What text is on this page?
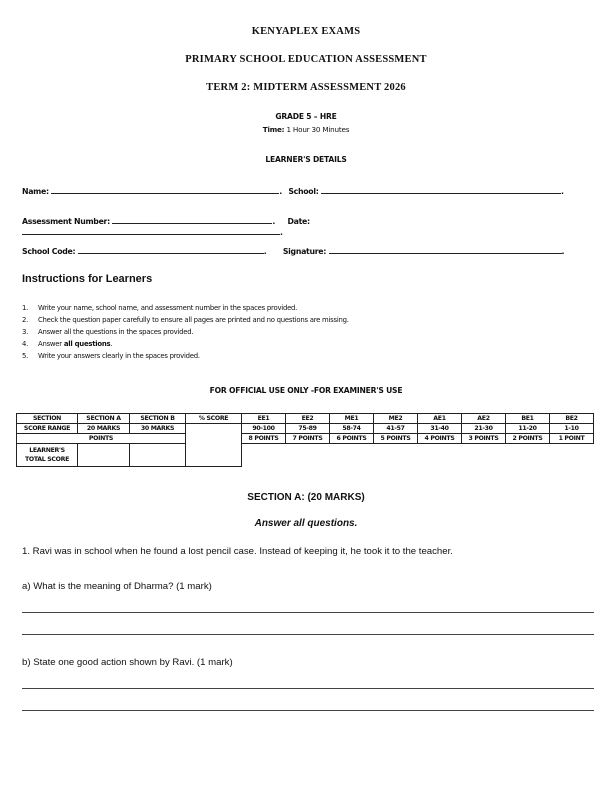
KENYAPLEX EXAMS
PRIMARY SCHOOL EDUCATION ASSESSMENT
TERM 2: MIDTERM ASSESSMENT 2026
GRADE 5 – HRE
Time: 1 Hour 30 Minutes
LEARNER'S DETAILS
Name:	. School:	.
Assessment Number:	. Date: .
School Code:	. Signature:	.
Instructions for Learners
1. Write your name, school name, and assessment number in the spaces provided.
2. Check the question paper carefully to ensure all pages are printed and no questions are missing.
3. Answer all the questions in the spaces provided.
4. Answer all questions.
5. Write your answers clearly in the spaces provided.
FOR OFFICIAL USE ONLY -FOR EXAMINER'S USE
SECTION	SECTION A	SECTION B	% SCORE	EE1	EE2	ME1	ME2	AE1	AE2	BE1	BE2
SCORE RANGE	20 MARKS	30 MARKS		90-100	75-89	58-74	41-57	31-40	21-30	11-20	1-10
POINTS				8 POINTS	7 POINTS	6 POINTS	5 POINTS	4 POINTS	3 POINTS	2 POINTS	1 POINT

LEARNER'S
TOTAL SCORE											

SECTION A: (20 MARKS)
Answer all questions.
1. Ravi was in school when he found a lost pencil case. Instead of keeping it, he took it to the teacher.
a) What is the meaning of Dharma? (1 mark)
b) State one good action shown by Ravi. (1 mark)
